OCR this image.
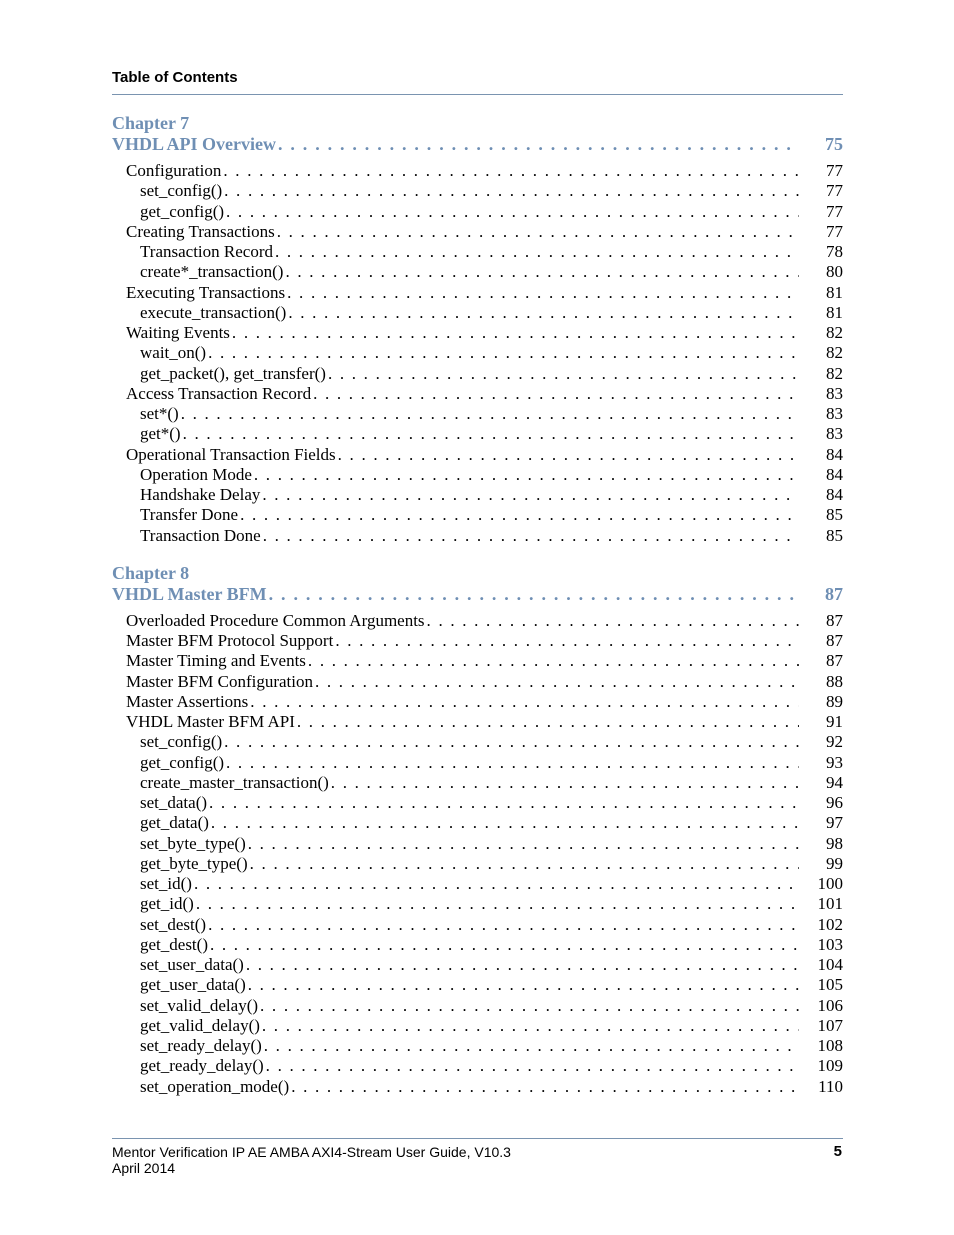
Table of Contents
Chapter 7
VHDL API Overview . . .	75
Configuration . . .	77
set_config() . . .	77
get_config() . . .	77
Creating Transactions . . .	77
Transaction Record . . .	78
create*_transaction() . . .	80
Executing Transactions . . .	81
execute_transaction() . . .	81
Waiting Events . . .	82
wait_on() . . .	82
get_packet(), get_transfer() . . .	82
Access Transaction Record . . .	83
set*() . . .	83
get*() . . .	83
Operational Transaction Fields . . .	84
Operation Mode . . .	84
Handshake Delay . . .	84
Transfer Done . . .	85
Transaction Done . . .	85
Chapter 8
VHDL Master BFM . . .	87
Overloaded Procedure Common Arguments . . .	87
Master BFM Protocol Support . . .	87
Master Timing and Events . . .	87
Master BFM Configuration . . .	88
Master Assertions . . .	89
VHDL Master BFM API . . .	91
set_config() . . .	92
get_config() . . .	93
create_master_transaction() . . .	94
set_data() . . .	96
get_data() . . .	97
set_byte_type() . . .	98
get_byte_type() . . .	99
set_id() . . .	100
get_id() . . .	101
set_dest() . . .	102
get_dest() . . .	103
set_user_data() . . .	104
get_user_data() . . .	105
set_valid_delay() . . .	106
get_valid_delay() . . .	107
set_ready_delay() . . .	108
get_ready_delay() . . .	109
set_operation_mode() . . .	110
Mentor Verification IP AE AMBA AXI4-Stream User Guide, V10.3
April 2014
5
